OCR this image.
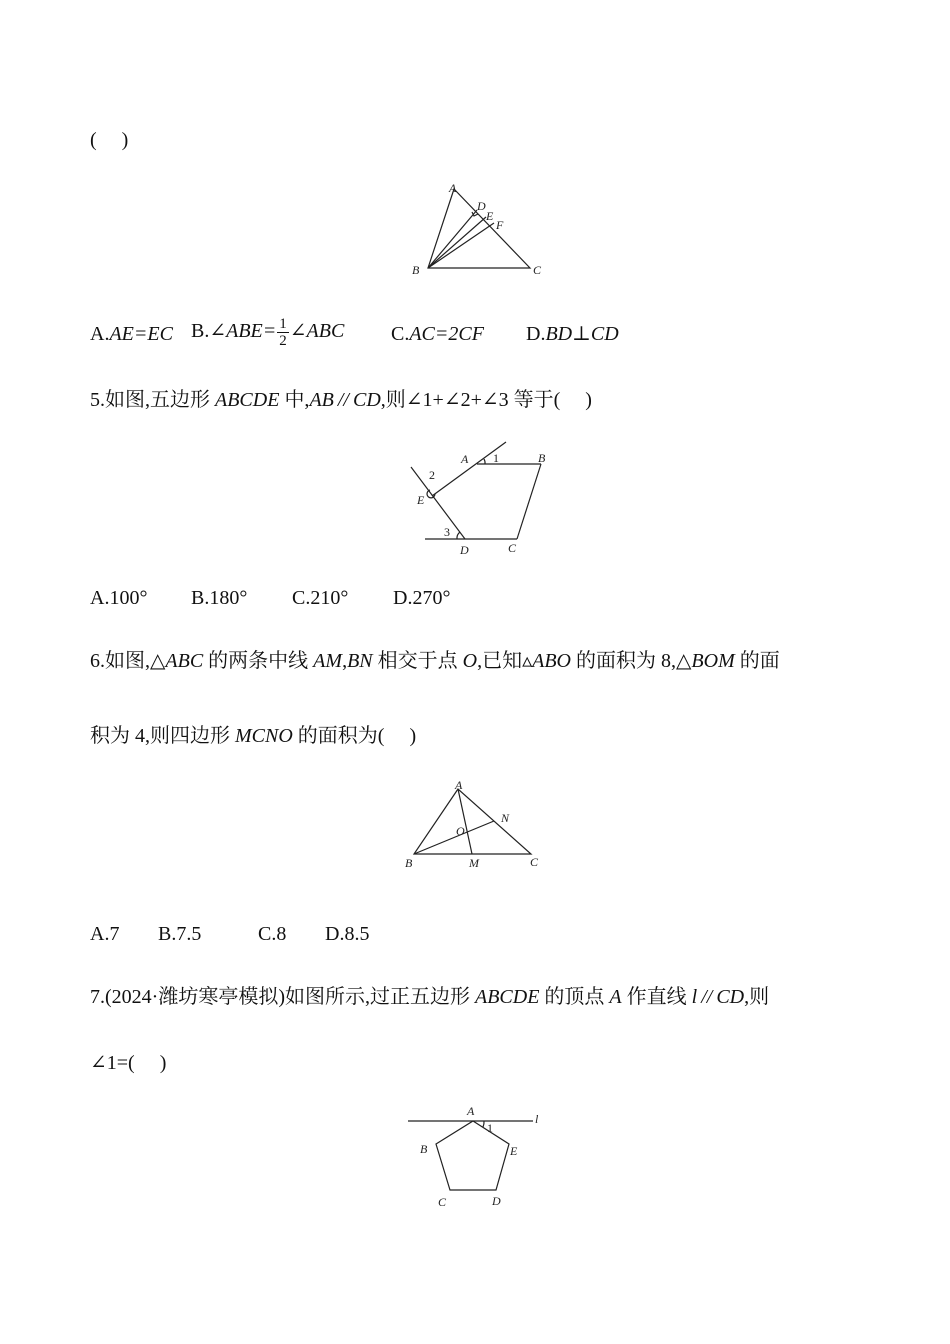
(  )
A
B	C
D
E
F
A.AE=EC B.∠ABE= $\frac{1}{2}$ ∠ABC C.AC=2CF D.BD⊥CD
5.如图,五边形 ABCDE 中,AB // CD,则∠1+∠2+∠3 等于(  )
A	B
C
D
E
1
2
3
A.100° B.180° C.210° D.270°
6.如图,△ABC 的两条中线 AM,BN 相交于点 O,已知▵ABO 的面积为 8,△BOM 的面
积为 4,则四边形 MCNO 的面积为(  )
A
B	C
M
N
O
A.7 B.7.5	C.8 D.8.5
7.(2024·潍坊寒亭模拟)如图所示,过正五边形 ABCDE 的顶点 A 作直线 l // CD,则
∠1=(  )
A
B
C	D
E
l
1
